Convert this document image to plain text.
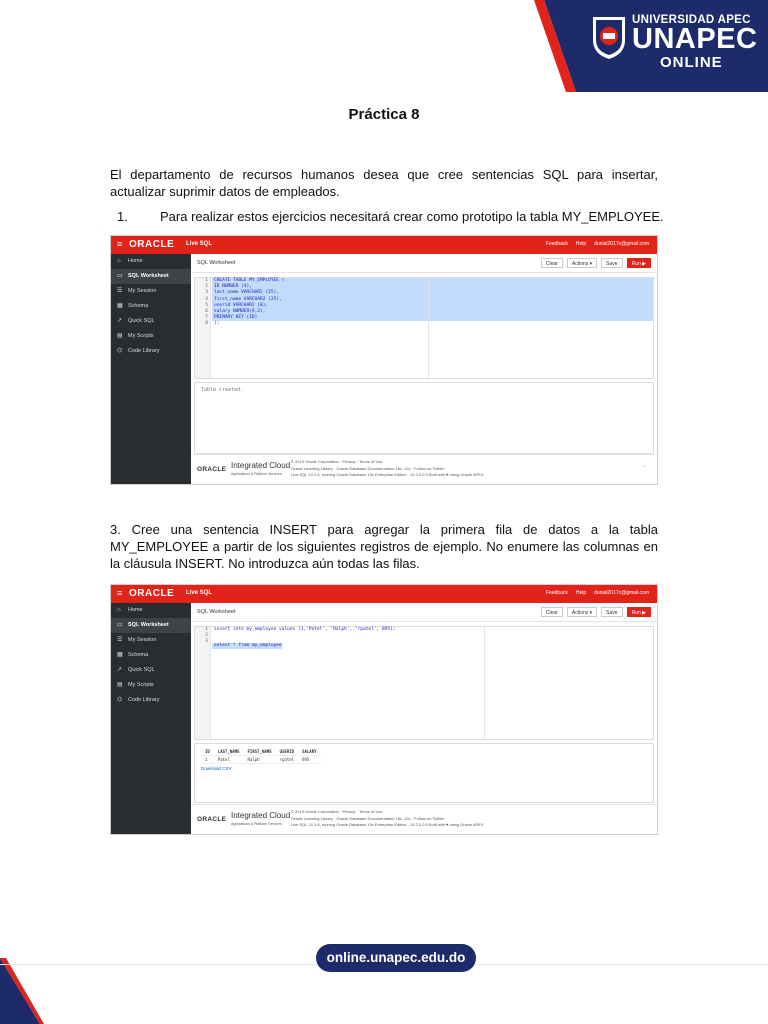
UNIVERSIDAD APEC
UNAPEC
ONLINE
Práctica 8
El departamento de recursos humanos desea que cree sentencias SQL para insertar, actualizar suprimir datos de empleados.
1. Para realizar estos ejercicios necesitará crear como prototipo la tabla MY_EMPLOYEE.
≡ ORACLE Live SQL	Feedback Help dunial2017c@gmail.com
⌂	Home
▭ SQL Worksheet
☰ My Session
▦ Schema
↗	Quick SQL
▤ My Scripts
⌬	Code Library
SQL Worksheet	Clear	Actions ▾	Save	Run ▶
1
2
3
4
5
6
7
8
CREATE TABLE MY_EMPLOYEE (
ID NUMBER (4),
last_name VARCHAR2 (25),
first_name VARCHAR2 (25),
userid VARCHAR2 (8),
salary NUMBER(9,2),
PRIMARY KEY (ID)
);
Table created.
ORACLE Integrated Cloud
Applications & Platform Services
© 2019 Oracle Corporation · Privacy · Terms of Use
Oracle Learning Library · Oracle Database Documentation 18c, 12c · Follow on Twitter
Live SQL 19.1.6, running Oracle Database 19c Enterprise Edition - 19.2.0.0.0 Built with ♥ using Oracle APEX
⌃
3. Cree una sentencia INSERT para agregar la primera fila de datos a la tabla MY_EMPLOYEE a partir de los siguientes registros de ejemplo. No enumere las columnas en la cláusula INSERT. No introduzca aún todas las filas.
≡ ORACLE Live SQL	Feedback Help dunial2017c@gmail.com
⌂	Home
▭ SQL Worksheet
☰ My Session
▦ Schema
↗	Quick SQL
▤ My Scripts
⌬	Code Library
SQL Worksheet	Clear	Actions ▾	Save	Run ▶
1
2
3
insert into my_employee values (1,'Patel', 'Ralph', 'rpatel', 895);
select * from my_employee
ID	LAST_NAME	FIRST_NAME	USERID	SALARY
1	Patel	Ralph	rpatel	895
Download CSV
ORACLE Integrated Cloud
Applications & Platform Services
© 2019 Oracle Corporation · Privacy · Terms of Use
Oracle Learning Library · Oracle Database Documentation 18c, 12c · Follow on Twitter
Live SQL 19.1.6, running Oracle Database 19c Enterprise Edition - 19.2.0.0.0 Built with ♥ using Oracle APEX
online.unapec.edu.do
